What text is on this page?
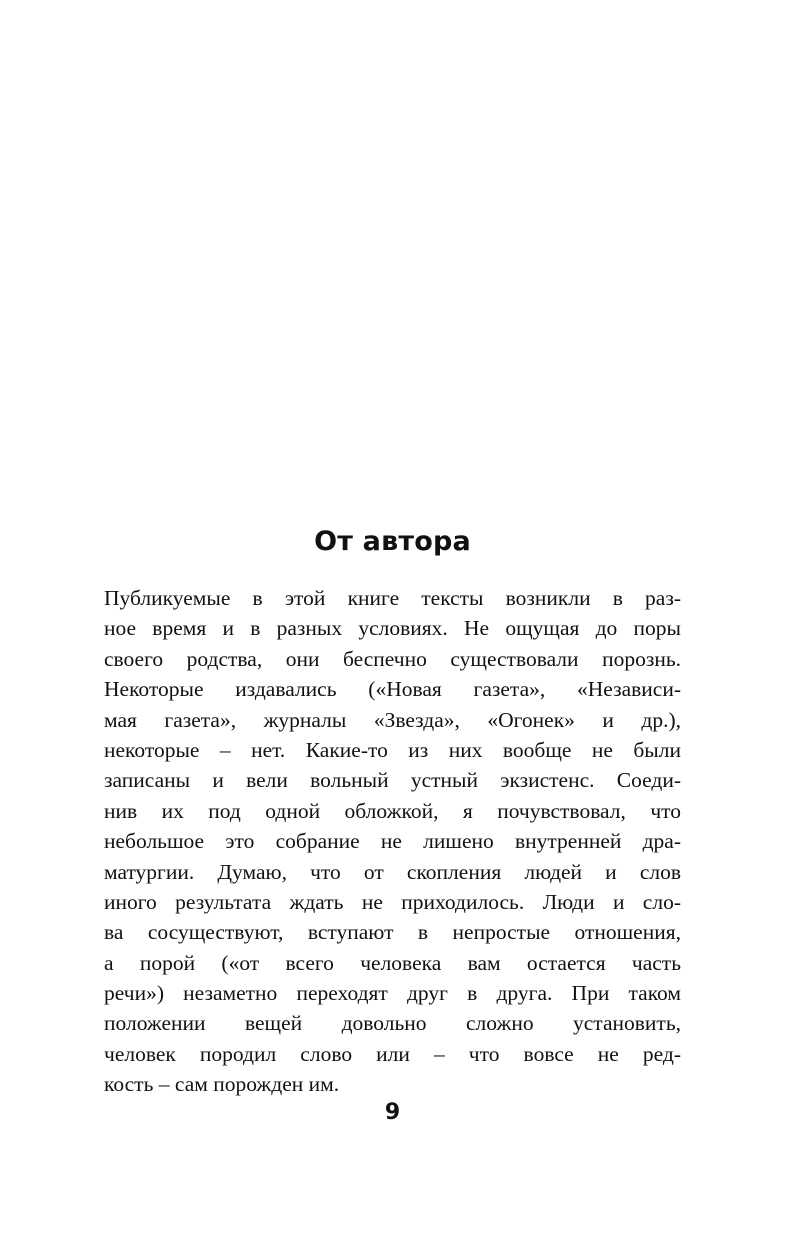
От автора
Публикуемые в этой книге тексты возникли в раз-
ное время и в разных условиях. Не ощущая до поры
своего родства, они беспечно существовали порознь.
Некоторые издавались («Новая газета», «Независи-
мая газета», журналы «Звезда», «Огонек» и др.),
некоторые – нет. Какие-то из них вообще не были
записаны и вели вольный устный экзистенс. Соеди-
нив их под одной обложкой, я почувствовал, что
небольшое это собрание не лишено внутренней дра-
матургии. Думаю, что от скопления людей и слов
иного результата ждать не приходилось. Люди и сло-
ва сосуществуют, вступают в непростые отношения,
а порой («от всего человека вам остается часть
речи») незаметно переходят друг в друга. При таком
положении вещей довольно сложно установить,
человек породил слово или – что вовсе не ред-
кость – сам порожден им.
9
